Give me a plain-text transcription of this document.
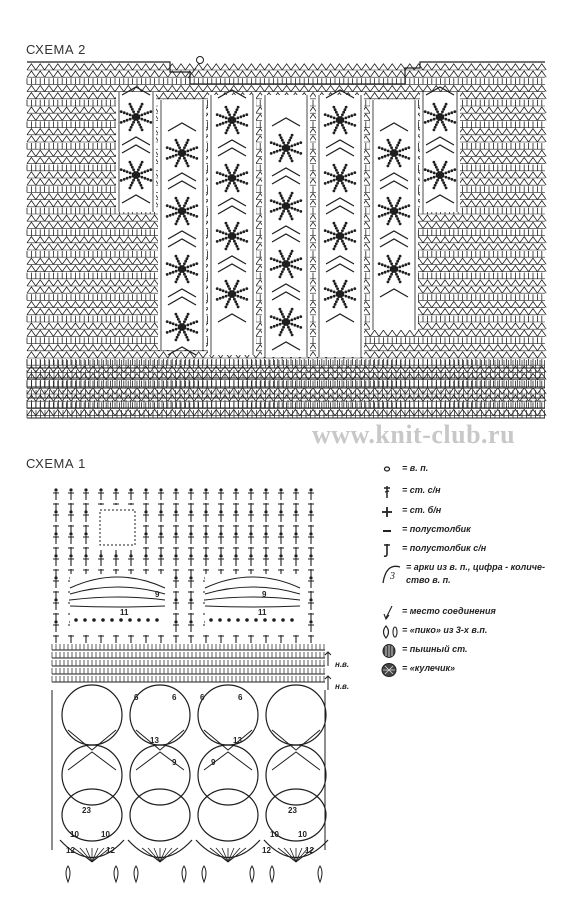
СХЕМА 2
www.knit-club.ru
СХЕМА 1
н.в.
н.в.
9
11
9
11
6	6	6	6
13	13
9	9
23	23
10	10	10 10
12	12	12	12
= в. п.
= ст. с/н
= ст. б/н
= полустолбик
= полустолбик с/н
3
= арки из в. п., цифра - количе-
ство в. п.
= место соединения
= «пико» из 3-х в.п.
= пышный ст.
= «кулечик»
